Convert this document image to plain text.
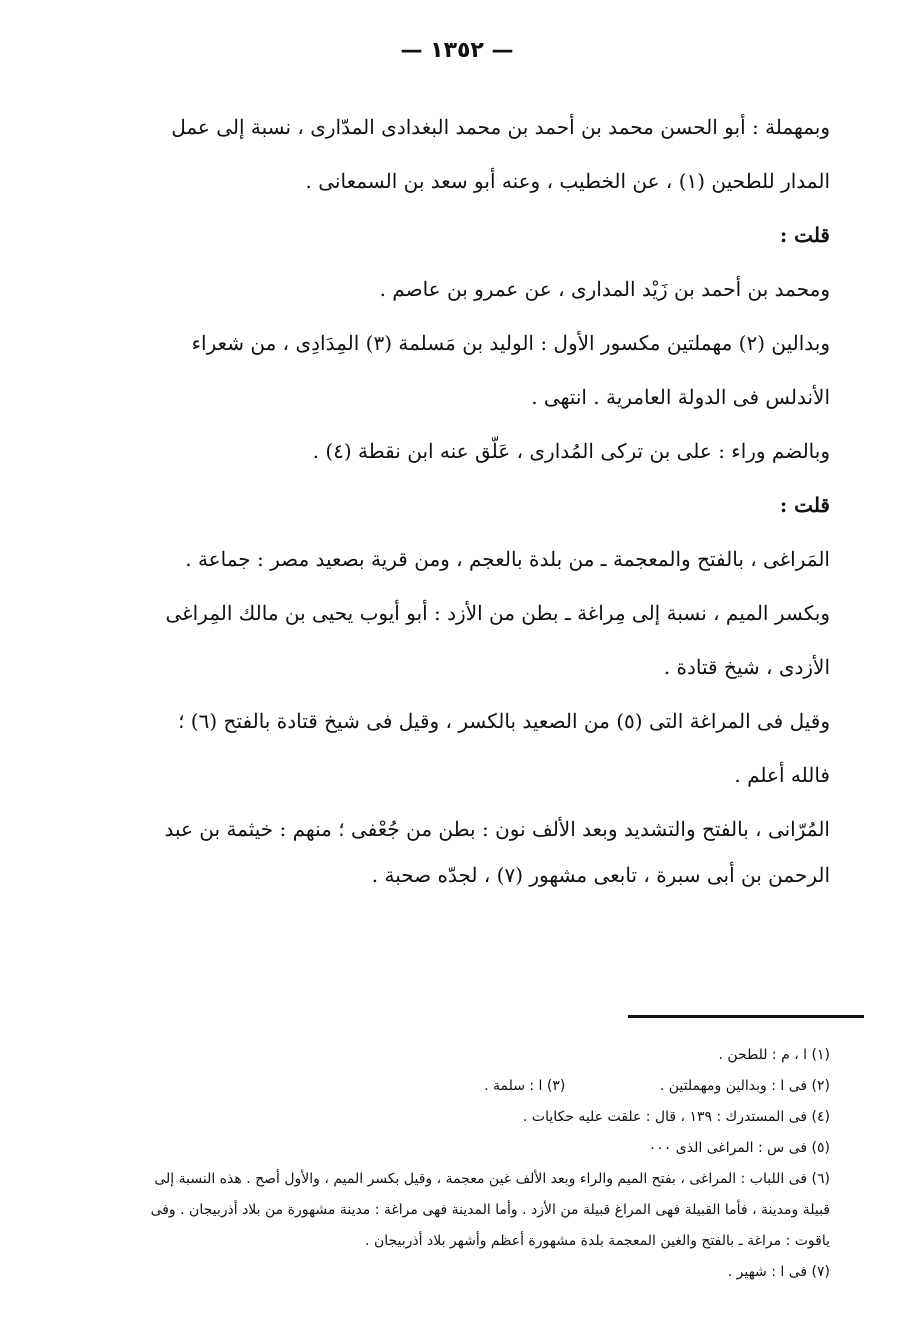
— ١٣٥٢ —

وبمهملة : أبو الحسن محمد بن أحمد بن محمد البغدادى المدّارى ، نسبة إلى عمل المدار للطحين (١) ، عن الخطيب ، وعنه أبو سعد بن السمعانى .

قلت :

ومحمد بن أحمد بن زَيْد المدارى ، عن عمرو بن عاصم .

وبدالين (٢) مهملتين مكسور الأول : الوليد بن مَسلمة (٣) المِدَادِى ، من شعراء الأندلس فى الدولة العامرية . انتهى .

وبالضم وراء : على بن تركى المُدارى ، عَلّق عنه ابن نقطة (٤) .

قلت :

المَراغى ، بالفتح والمعجمة ـ من بلدة بالعجم ، ومن قرية بصعيد مصر : جماعة .

وبكسر الميم ، نسبة إلى مِراغة ـ بطن من الأزد : أبو أيوب يحيى بن مالك المِراغى الأزدى ، شيخ قتادة .

وقيل فى المراغة التى (٥) من الصعيد بالكسر ، وقيل فى شيخ قتادة بالفتح (٦) ؛ فالله أعلم .

المُرّانى ، بالفتح والتشديد وبعد الألف نون : بطن من جُعْفى ؛ منهم : خيثمة بن عبد الرحمن بن أبى سبرة ، تابعى مشهور (٧) ، لجدّه صحبة .

(١) ا ، م : للطحن .

(٢) فى ا : وبدالين ومهملتين . (٣) ا : سلمة .

(٤) فى المستدرك : ١٣٩ ، قال : علقت عليه حكايات .

(٥) فى س : المراغى الذى ٠٠٠

(٦) فى اللباب : المراغى ، بفتح الميم والراء وبعد الألف غين معجمة ، وقيل بكسر الميم ، والأول أصح . هذه النسبة إلى قبيلة ومدينة ، فأما القبيلة فهى المراغ قبيلة من الأزد . وأما المدينة فهى مراغة : مدينة مشهورة من بلاد أذربيجان . وفى ياقوت : مراغة ـ بالفتح والغين المعجمة بلدة مشهورة أعظم وأشهر بلاد أذربيجان .

(٧) فى ا : شهير .
